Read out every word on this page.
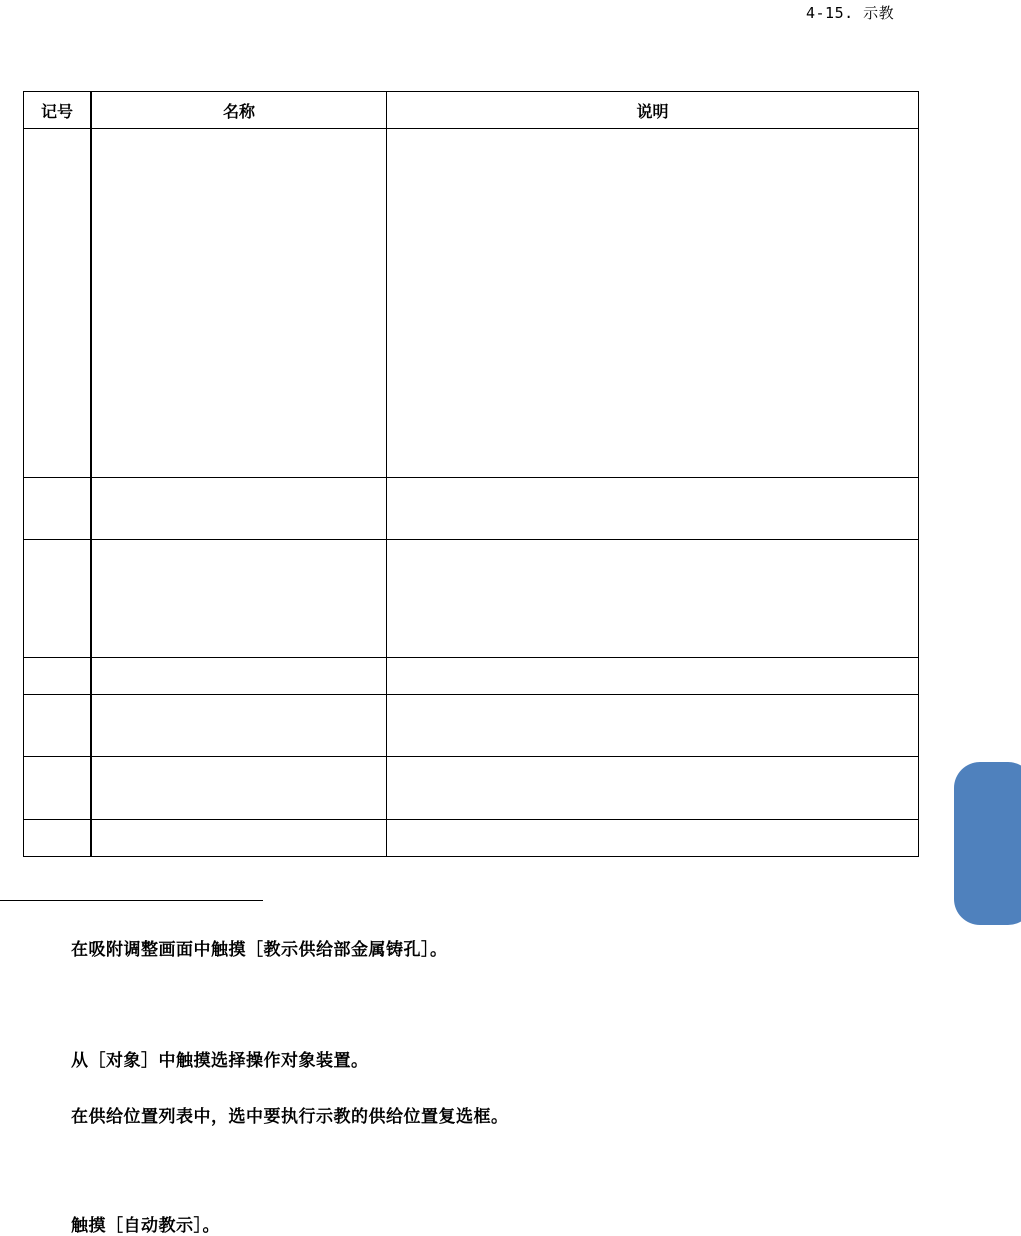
4-15. 示教
记号	名称	说明

在吸附调整画面中触摸［教示供给部金属铸孔］。
从［对象］中触摸选择操作对象装置。
在供给位置列表中，选中要执行示教的供给位置复选框。
触摸［自动教示］。
